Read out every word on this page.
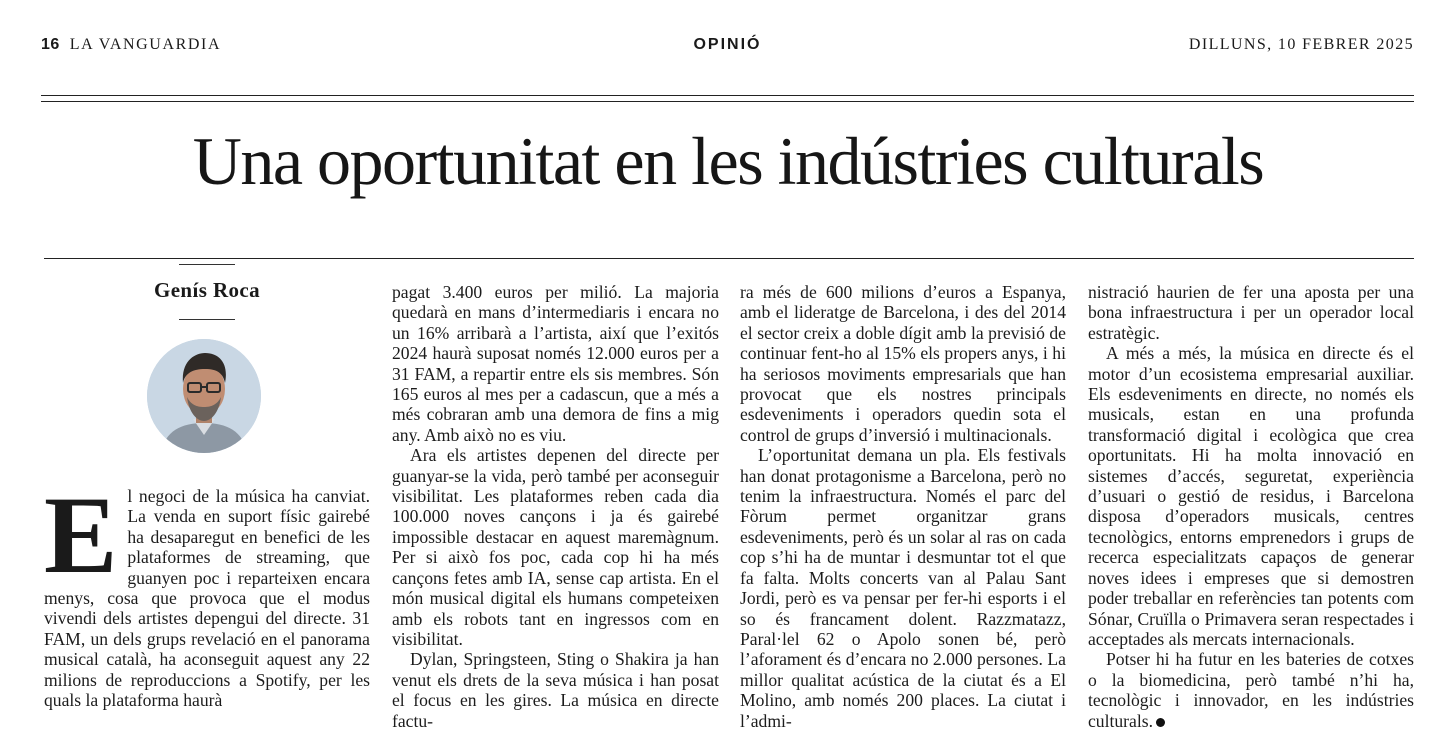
16 LA VANGUARDIA	OPINIÓ	DILLUNS, 10 FEBRER 2025
Una oportunitat en les indústries culturals
Genís Roca

El negoci de la música ha canviat. La venda en suport físic gairebé ha desaparegut en benefici de les plataformes de streaming, que guanyen poc i reparteixen encara menys, cosa que provoca que el modus vivendi dels artistes depengui del directe. 31 FAM, un dels grups revelació en el panorama musical català, ha aconseguit aquest any 22 milions de reproduccions a Spotify, per les quals la plataforma haurà

pagat 3.400 euros per milió. La majoria quedarà en mans d’intermediaris i encara no un 16% arribarà a l’artista, així que l’exitós 2024 haurà suposat només 12.000 euros per a 31 FAM, a repartir entre els sis membres. Són 165 euros al mes per a cadascun, que a més a més cobraran amb una demora de fins a mig any. Amb això no es viu.

Ara els artistes depenen del directe per guanyar-se la vida, però també per aconseguir visibilitat. Les plataformes reben cada dia 100.000 noves cançons i ja és gairebé impossible destacar en aquest maremàgnum. Per si això fos poc, cada cop hi ha més cançons fetes amb IA, sense cap artista. En el món musical digital els humans competeixen amb els robots tant en ingressos com en visibilitat.

Dylan, Springsteen, Sting o Shakira ja han venut els drets de la seva música i han posat el focus en les gires. La música en directe factu-

ra més de 600 milions d’euros a Espanya, amb el lideratge de Barcelona, i des del 2014 el sector creix a doble dígit amb la previsió de continuar fent-ho al 15% els propers anys, i hi ha seriosos moviments empresarials que han provocat que els nostres principals esdeveniments i operadors quedin sota el control de grups d’inversió i multinacionals.

L’oportunitat demana un pla. Els festivals han donat protagonisme a Barcelona, però no tenim la infraestructura. Només el parc del Fòrum permet organitzar grans esdeveniments, però és un solar al ras on cada cop s’hi ha de muntar i desmuntar tot el que fa falta. Molts concerts van al Palau Sant Jordi, però es va pensar per fer-hi esports i el so és francament dolent. Razzmatazz, Paral·lel 62 o Apolo sonen bé, però l’aforament és d’encara no 2.000 persones. La millor qualitat acústica de la ciutat és a El Molino, amb només 200 places. La ciutat i l’admi-

nistració haurien de fer una aposta per una bona infraestructura i per un operador local estratègic.

A més a més, la música en directe és el motor d’un ecosistema empresarial auxiliar. Els esdeveniments en directe, no només els musicals, estan en una profunda transformació digital i ecològica que crea oportunitats. Hi ha molta innovació en sistemes d’accés, seguretat, experiència d’usuari o gestió de residus, i Barcelona disposa d’operadors musicals, centres tecnològics, entorns emprenedors i grups de recerca especialitzats capaços de generar noves idees i empreses que si demostren poder treballar en referències tan potents com Sónar, Cruïlla o Primavera seran respectades i acceptades als mercats internacionals.

Potser hi ha futur en les bateries de cotxes o la biomedicina, però també n’hi ha, tecnològic i innovador, en les indústries culturals.
